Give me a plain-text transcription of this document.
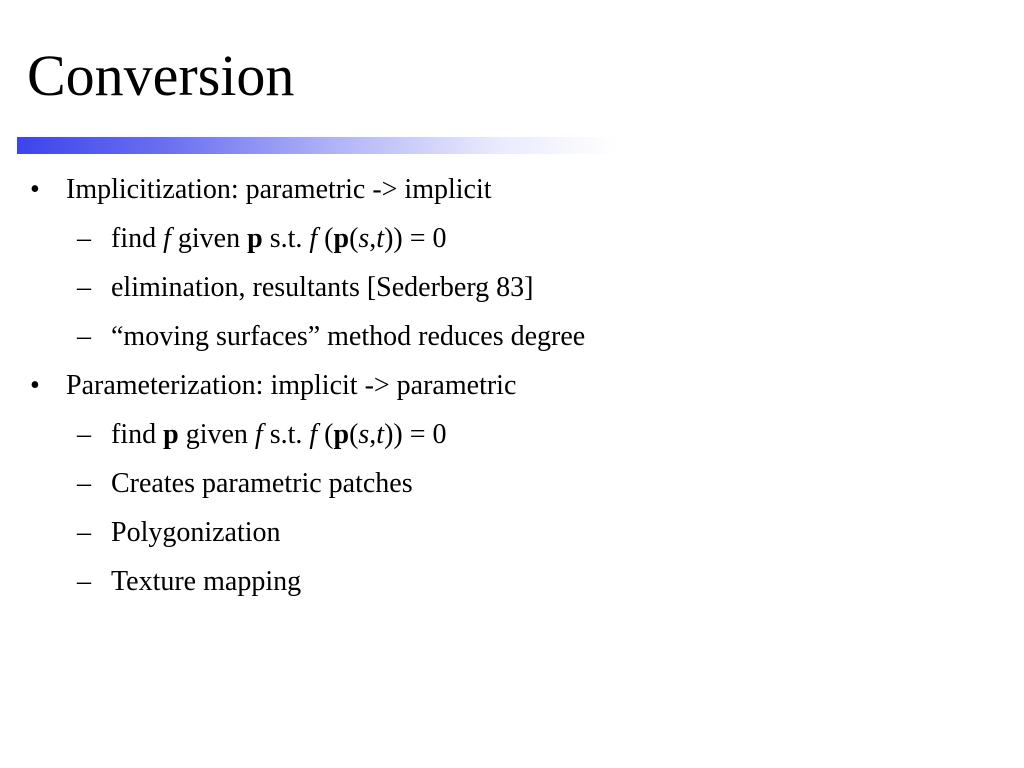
Conversion
• Implicitization: parametric -> implicit
– find f given p s.t. f (p(s,t)) = 0
– elimination, resultants [Sederberg 83]
– “moving surfaces” method reduces degree
• Parameterization: implicit -> parametric
– find p given f s.t. f (p(s,t)) = 0
– Creates parametric patches
– Polygonization
– Texture mapping
